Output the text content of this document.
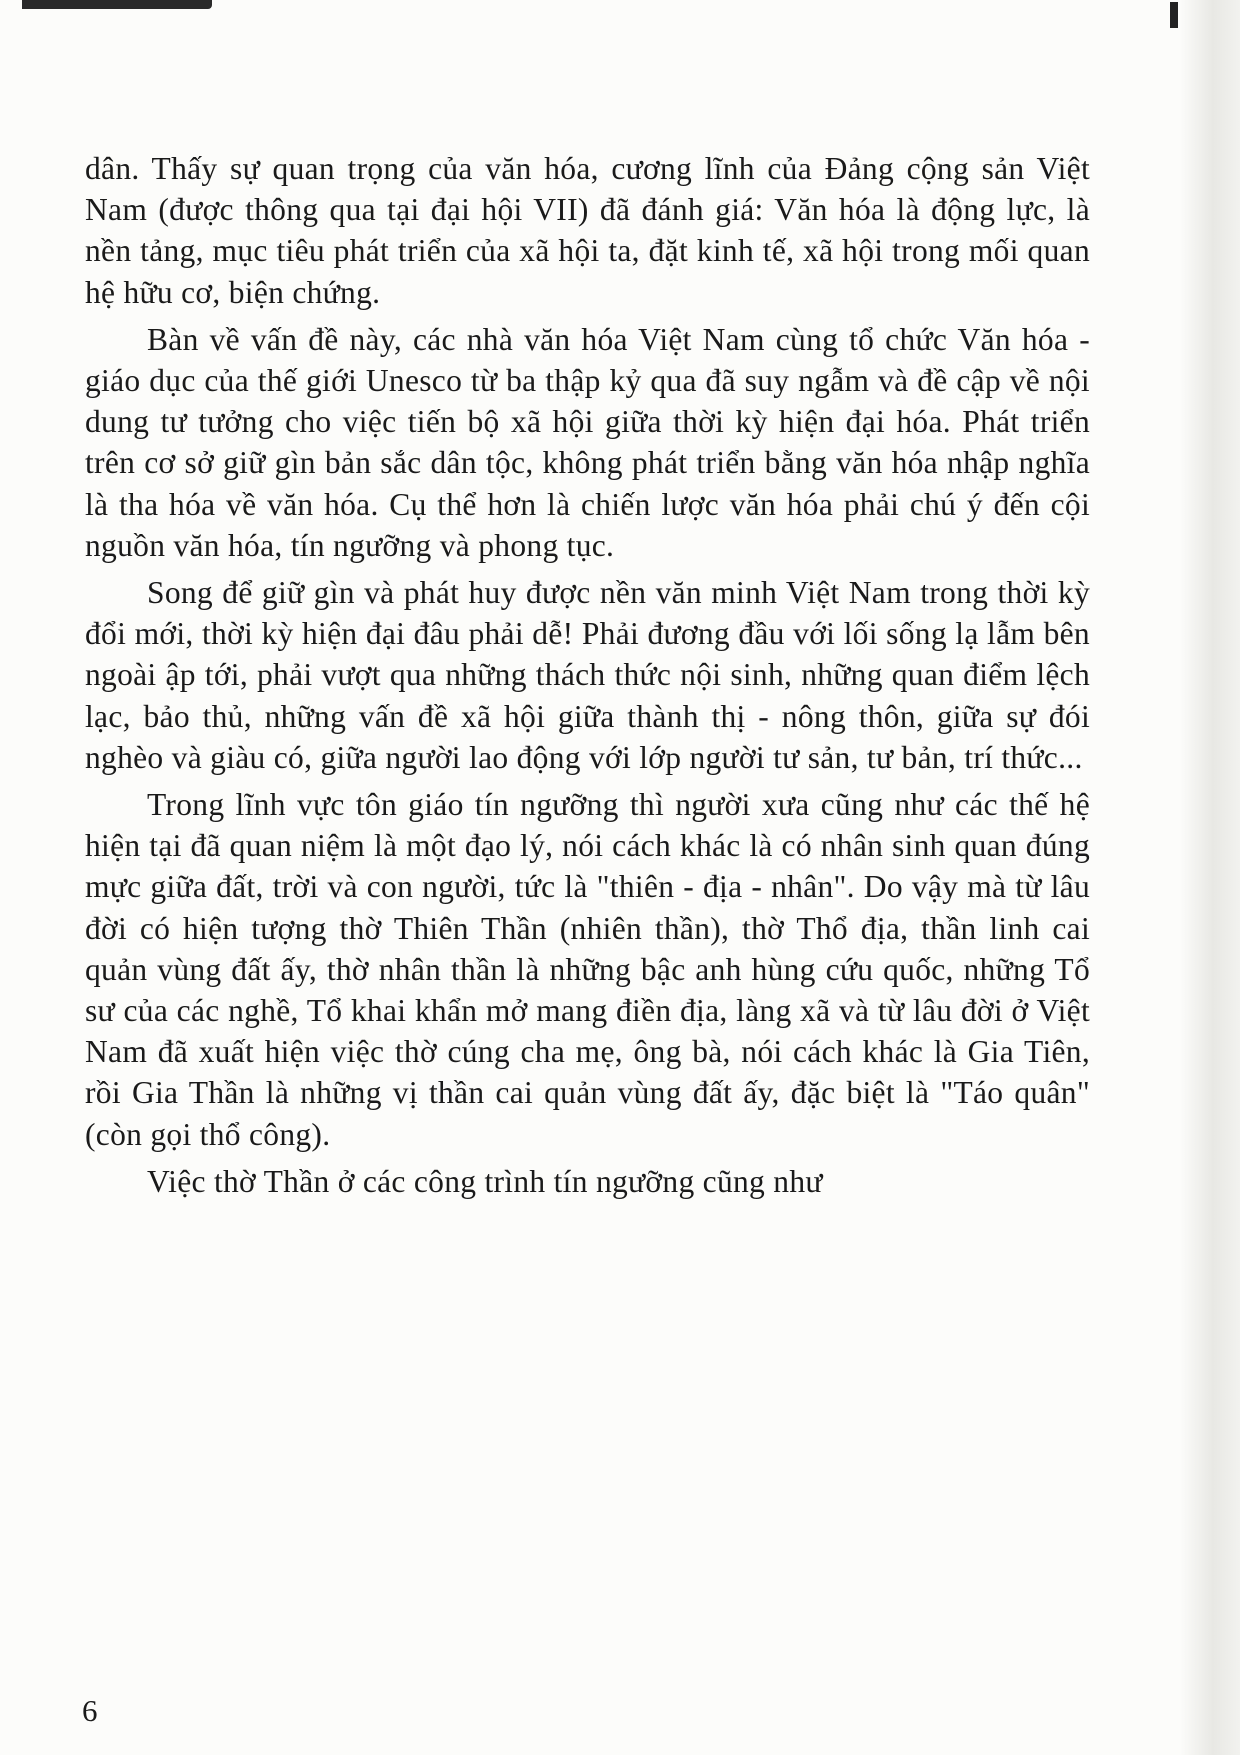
dân. Thấy sự quan trọng của văn hóa, cương lĩnh của Đảng cộng sản Việt Nam (được thông qua tại đại hội VII) đã đánh giá: Văn hóa là động lực, là nền tảng, mục tiêu phát triển của xã hội ta, đặt kinh tế, xã hội trong mối quan hệ hữu cơ, biện chứng.

Bàn về vấn đề này, các nhà văn hóa Việt Nam cùng tổ chức Văn hóa - giáo dục của thế giới Unesco từ ba thập kỷ qua đã suy ngẫm và đề cập về nội dung tư tưởng cho việc tiến bộ xã hội giữa thời kỳ hiện đại hóa. Phát triển trên cơ sở giữ gìn bản sắc dân tộc, không phát triển bằng văn hóa nhập nghĩa là tha hóa về văn hóa. Cụ thể hơn là chiến lược văn hóa phải chú ý đến cội nguồn văn hóa, tín ngưỡng và phong tục.

Song để giữ gìn và phát huy được nền văn minh Việt Nam trong thời kỳ đổi mới, thời kỳ hiện đại đâu phải dễ! Phải đương đầu với lối sống lạ lẫm bên ngoài ập tới, phải vượt qua những thách thức nội sinh, những quan điểm lệch lạc, bảo thủ, những vấn đề xã hội giữa thành thị - nông thôn, giữa sự đói nghèo và giàu có, giữa người lao động với lớp người tư sản, tư bản, trí thức...

Trong lĩnh vực tôn giáo tín ngưỡng thì người xưa cũng như các thế hệ hiện tại đã quan niệm là một đạo lý, nói cách khác là có nhân sinh quan đúng mực giữa đất, trời và con người, tức là "thiên - địa - nhân". Do vậy mà từ lâu đời có hiện tượng thờ Thiên Thần (nhiên thần), thờ Thổ địa, thần linh cai quản vùng đất ấy, thờ nhân thần là những bậc anh hùng cứu quốc, những Tổ sư của các nghề, Tổ khai khẩn mở mang điền địa, làng xã và từ lâu đời ở Việt Nam đã xuất hiện việc thờ cúng cha mẹ, ông bà, nói cách khác là Gia Tiên, rồi Gia Thần là những vị thần cai quản vùng đất ấy, đặc biệt là "Táo quân" (còn gọi thổ công).

Việc thờ Thần ở các công trình tín ngưỡng cũng như

6
